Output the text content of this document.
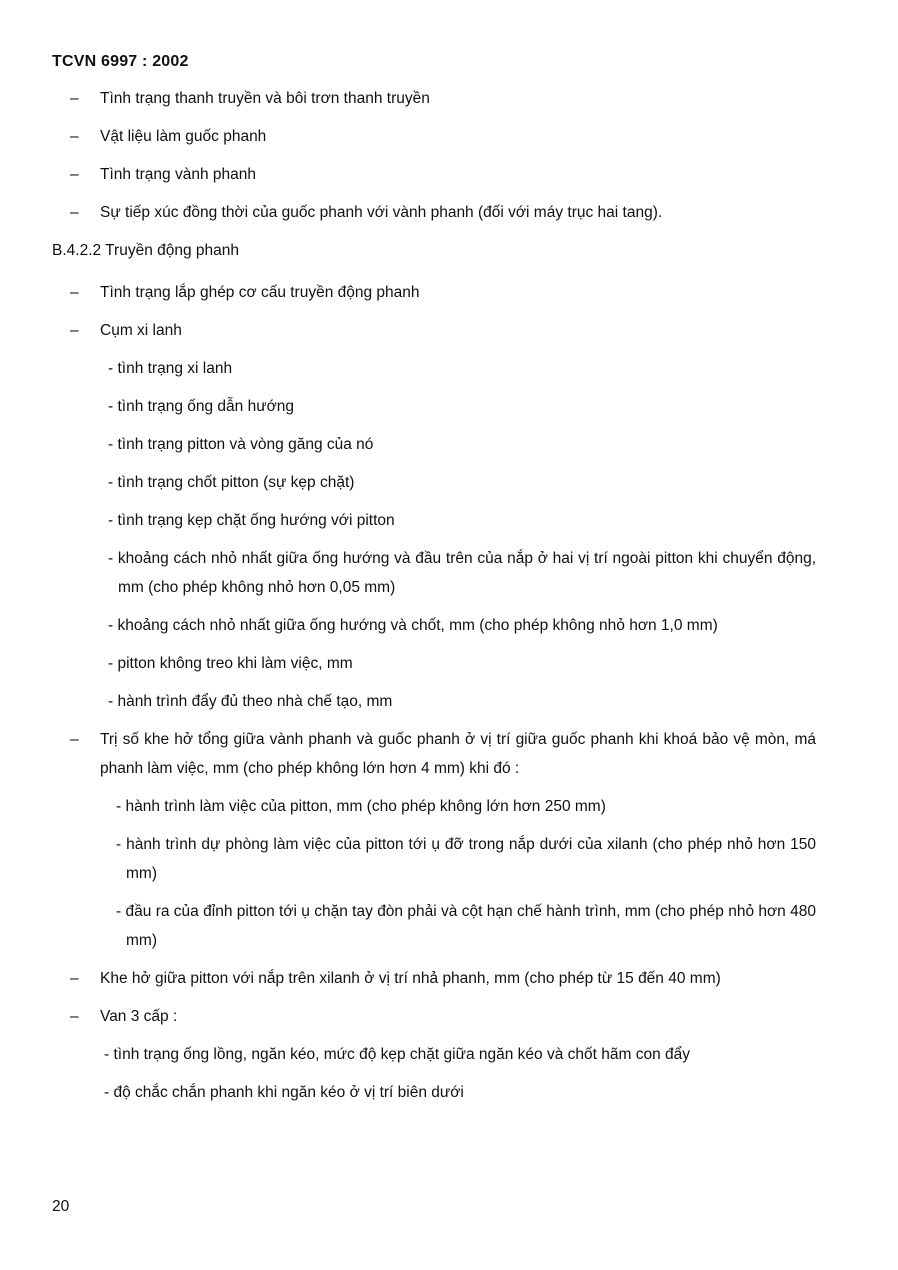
TCVN 6997 : 2002
– Tình trạng thanh truyền và bôi trơn thanh truyền
– Vật liệu làm guốc phanh
– Tình trạng vành phanh
– Sự tiếp xúc đồng thời của guốc phanh với vành phanh (đối với máy trục hai tang).
B.4.2.2 Truyền động phanh
– Tình trạng lắp ghép cơ cấu truyền động phanh
– Cụm xi lanh
- tình trạng xi lanh
- tình trạng ống dẫn hướng
- tình trạng pitton và vòng găng của nó
- tình trạng chốt pitton (sự kẹp chặt)
- tình trạng kẹp chặt ống hướng với pitton
- khoảng cách nhỏ nhất giữa ống hướng và đầu trên của nắp ở hai vị trí ngoài pitton khi chuyển động, mm (cho phép không nhỏ hơn 0,05 mm)
- khoảng cách nhỏ nhất giữa ống hướng và chốt, mm (cho phép không nhỏ hơn 1,0 mm)
- pitton không treo khi làm việc, mm
- hành trình đẩy đủ theo nhà chế tạo, mm
– Trị số khe hở tổng giữa vành phanh và guốc phanh ở vị trí giữa guốc phanh khi khoá bảo vệ mòn, má phanh làm việc, mm (cho phép không lớn hơn 4 mm) khi đó :
- hành trình làm việc của pitton, mm (cho phép không lớn hơn 250 mm)
- hành trình dự phòng làm việc của pitton tới ụ đỡ trong nắp dưới của xilanh (cho phép nhỏ hơn 150 mm)
- đầu ra của đỉnh pitton tới ụ chặn tay đòn phải và cột hạn chế hành trình, mm (cho phép nhỏ hơn 480 mm)
– Khe hở giữa pitton với nắp trên xilanh ở vị trí nhả phanh, mm (cho phép từ 15 đến 40 mm)
– Van 3 cấp :
- tình trạng ống lồng, ngăn kéo, mức độ kẹp chặt giữa ngăn kéo và chốt hãm con đẩy
- độ chắc chắn phanh khi ngăn kéo ở vị trí biên dưới
20
